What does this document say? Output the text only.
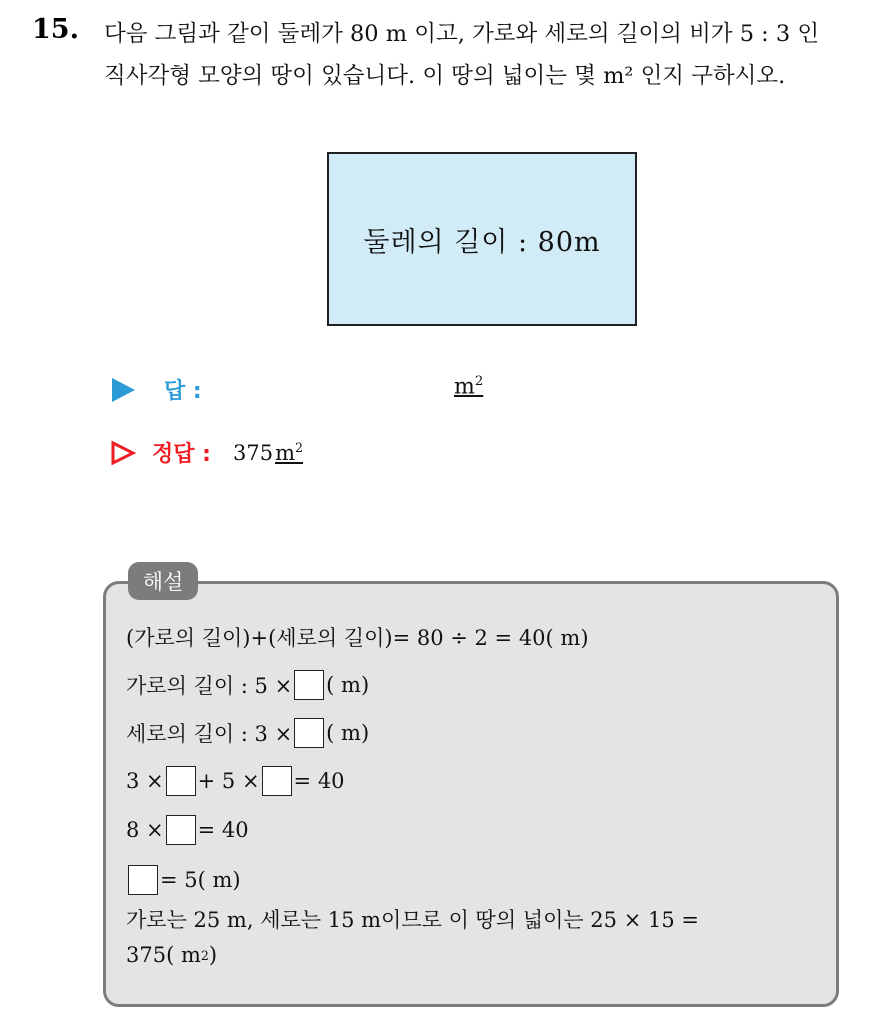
15. 다음 그림과 같이 둘레가 80 m 이고, 가로와 세로의 길이의 비가 5 : 3 인
직사각형 모양의 땅이 있습니다. 이 땅의 넓이는 몇 m² 인지 구하시오.
둘레의 길이 : 80m
답 :	$m^2$
정답 : $375m^2$
해설
(가로의 길이)+(세로의 길이)= 80 ÷ 2 = 40( m)
가로의 길이 : 5 × ( m)
세로의 길이 : 3 × ( m)
3 × + 5 × = 40
8 × = 40
= 5( m)
가로는 25 m, 세로는 15 m이므로 이 땅의 넓이는 25 × 15 =
375( m 2 )
